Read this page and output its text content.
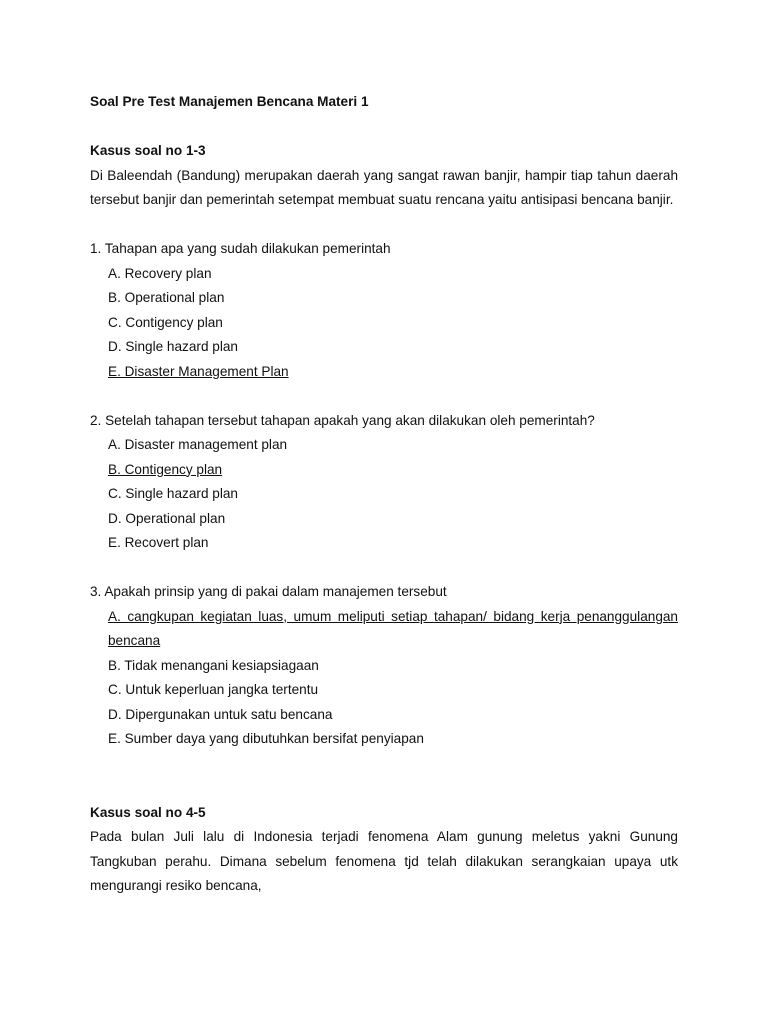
Soal Pre Test Manajemen Bencana Materi 1

Kasus soal no 1-3

Di Baleendah (Bandung) merupakan daerah yang sangat rawan banjir, hampir tiap tahun daerah tersebut banjir dan pemerintah setempat membuat suatu rencana yaitu antisipasi bencana banjir.

1. Tahapan apa yang sudah dilakukan pemerintah

A. Recovery plan
B. Operational plan
C. Contigency plan
D. Single hazard plan
E. Disaster Management Plan

2. Setelah tahapan tersebut tahapan apakah yang akan dilakukan oleh pemerintah?

A. Disaster management plan
B. Contigency plan
C. Single hazard plan
D. Operational plan
E. Recovert plan

3. Apakah prinsip yang di pakai dalam manajemen tersebut

A. cangkupan kegiatan luas, umum meliputi setiap tahapan/ bidang kerja penanggulangan bencana
B. Tidak menangani kesiapsiagaan
C. Untuk keperluan jangka tertentu
D. Dipergunakan untuk satu bencana
E. Sumber daya yang dibutuhkan bersifat penyiapan

Kasus soal no 4-5

Pada bulan Juli lalu di Indonesia terjadi fenomena Alam gunung meletus yakni Gunung Tangkuban perahu. Dimana sebelum fenomena tjd telah dilakukan serangkaian upaya utk mengurangi resiko bencana,
